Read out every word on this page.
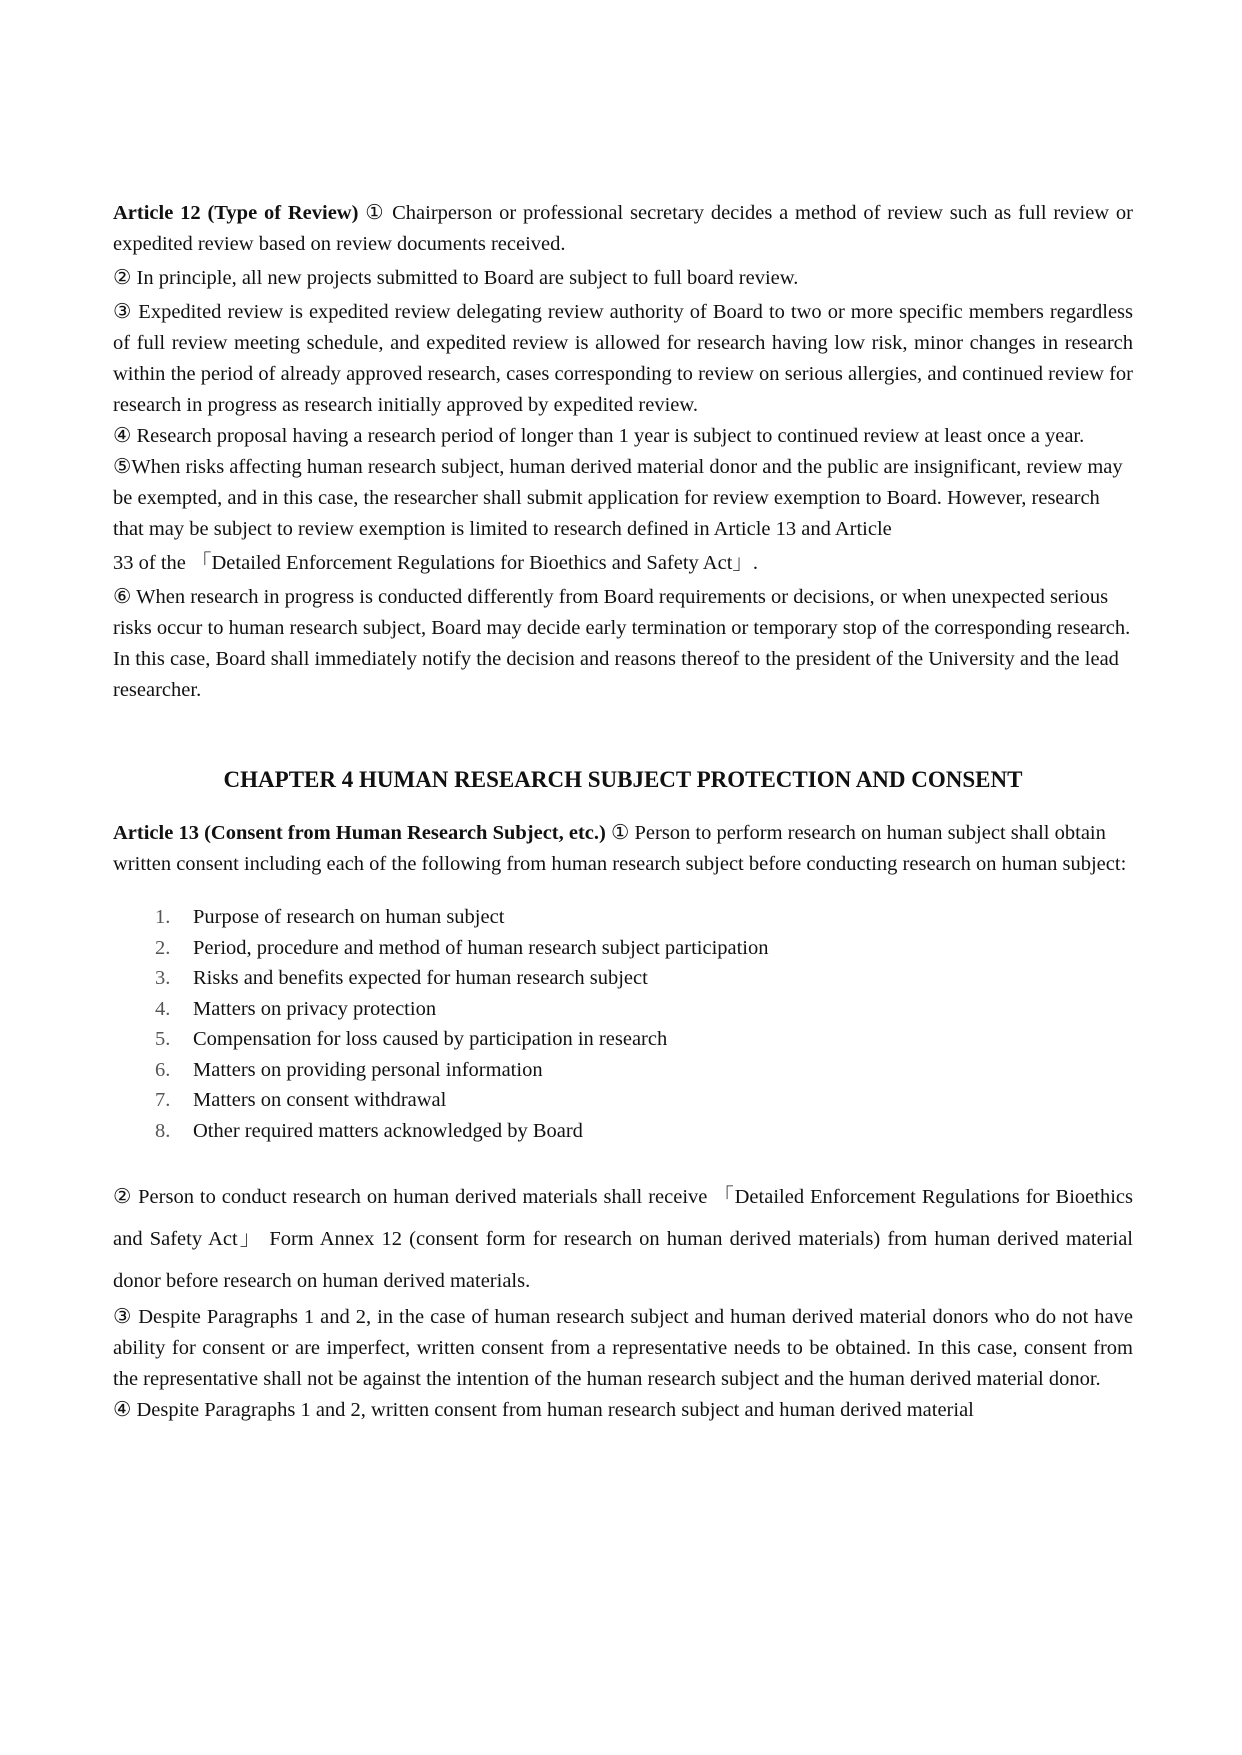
Article 12 (Type of Review) ① Chairperson or professional secretary decides a method of review such as full review or expedited review based on review documents received.

② In principle, all new projects submitted to Board are subject to full board review.

③ Expedited review is expedited review delegating review authority of Board to two or more specific members regardless of full review meeting schedule, and expedited review is allowed for research having low risk, minor changes in research within the period of already approved research, cases corresponding to review on serious allergies, and continued review for research in progress as research initially approved by expedited review.

④ Research proposal having a research period of longer than 1 year is subject to continued review at least once a year.

⑤When risks affecting human research subject, human derived material donor and the public are insignificant, review may be exempted, and in this case, the researcher shall submit application for review exemption to Board. However, research that may be subject to review exemption is limited to research defined in Article 13 and Article

33 of the 「Detailed Enforcement Regulations for Bioethics and Safety Act」.

⑥ When research in progress is conducted differently from Board requirements or decisions, or when unexpected serious risks occur to human research subject, Board may decide early termination or temporary stop of the corresponding research. In this case, Board shall immediately notify the decision and reasons thereof to the president of the University and the lead researcher.

CHAPTER 4 HUMAN RESEARCH SUBJECT PROTECTION AND CONSENT

Article 13 (Consent from Human Research Subject, etc.) ① Person to perform research on human subject shall obtain written consent including each of the following from human research subject before conducting research on human subject:

1.	Purpose of research on human subject
2.	Period, procedure and method of human research subject participation
3.	Risks and benefits expected for human research subject
4.	Matters on privacy protection
5.	Compensation for loss caused by participation in research
6.	Matters on providing personal information
7.	Matters on consent withdrawal
8.	Other required matters acknowledged by Board

② Person to conduct research on human derived materials shall receive 「Detailed Enforcement Regulations for Bioethics and Safety Act」 Form Annex 12 (consent form for research on human derived materials) from human derived material donor before research on human derived materials.

③ Despite Paragraphs 1 and 2, in the case of human research subject and human derived material donors who do not have ability for consent or are imperfect, written consent from a representative needs to be obtained. In this case, consent from the representative shall not be against the intention of the human research subject and the human derived material donor.

④ Despite Paragraphs 1 and 2, written consent from human research subject and human derived material
